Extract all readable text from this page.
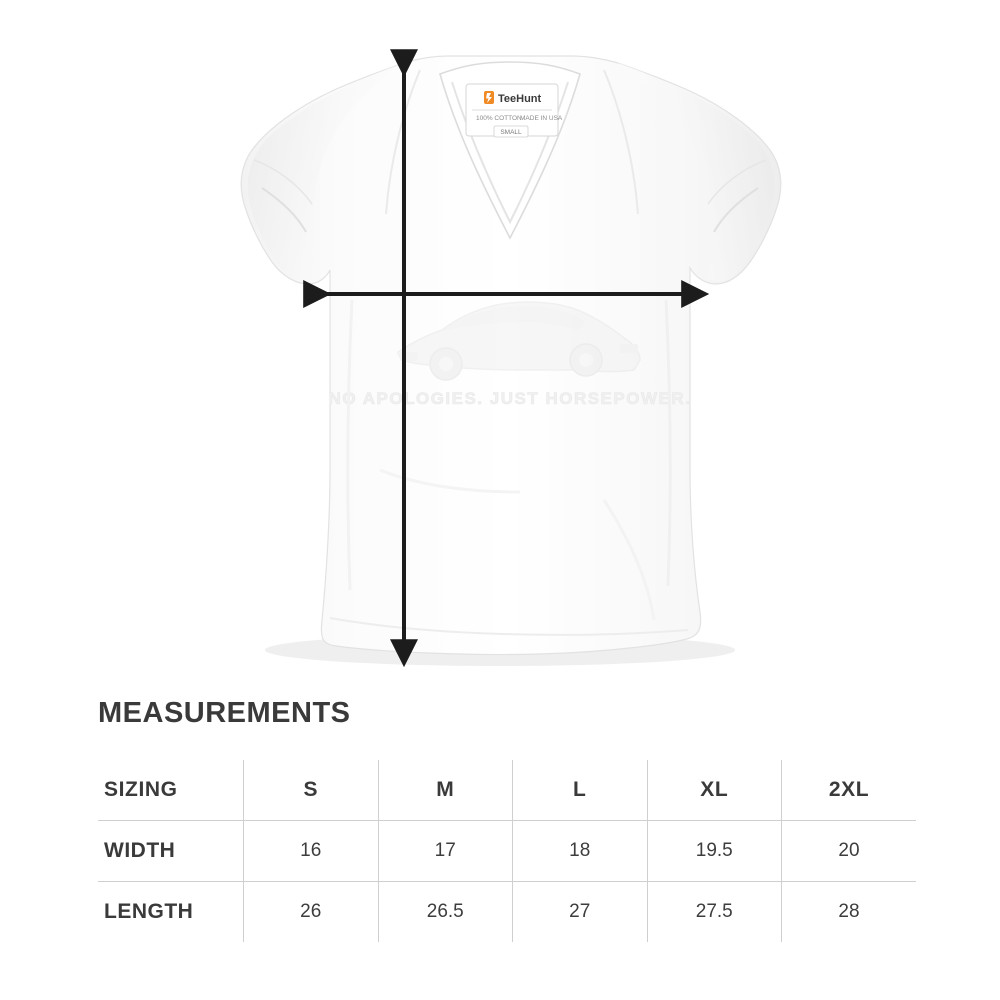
TeeHunt
100% COTTON
MADE IN USA
SMALL
NO APOLOGIES. JUST HORSEPOWER.
MEASUREMENTS
SIZING	S	M	L	XL	2XL
WIDTH	16	17	18	19.5	20
LENGTH	26	26.5	27	27.5	28
